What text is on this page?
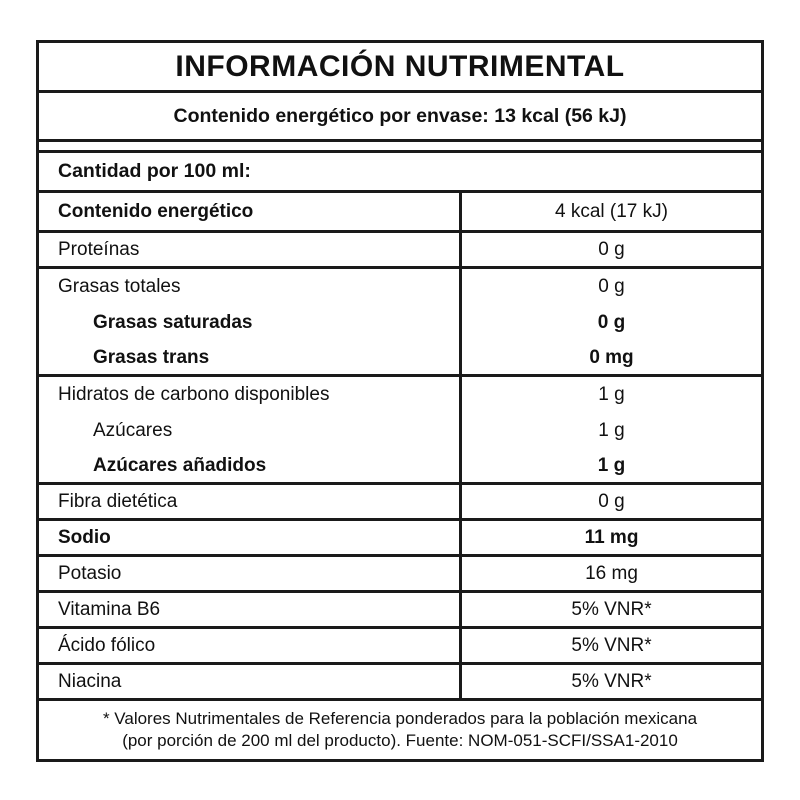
INFORMACIÓN NUTRIMENTAL
Contenido energético por envase: 13 kcal (56 kJ)
Cantidad por 100 ml:
Contenido energético	4 kcal (17 kJ)
Proteínas	0 g
Grasas totales	0 g
Grasas saturadas	0 g
Grasas trans	0 mg
Hidratos de carbono disponibles	1 g
Azúcares	1 g
Azúcares añadidos	1 g
Fibra dietética	0 g
Sodio	11 mg
Potasio	16 mg
Vitamina B6	5% VNR*
Ácido fólico	5% VNR*
Niacina	5% VNR*
* Valores Nutrimentales de Referencia ponderados para la población mexicana
(por porción de 200 ml del producto). Fuente: NOM-051-SCFI/SSA1-2010
